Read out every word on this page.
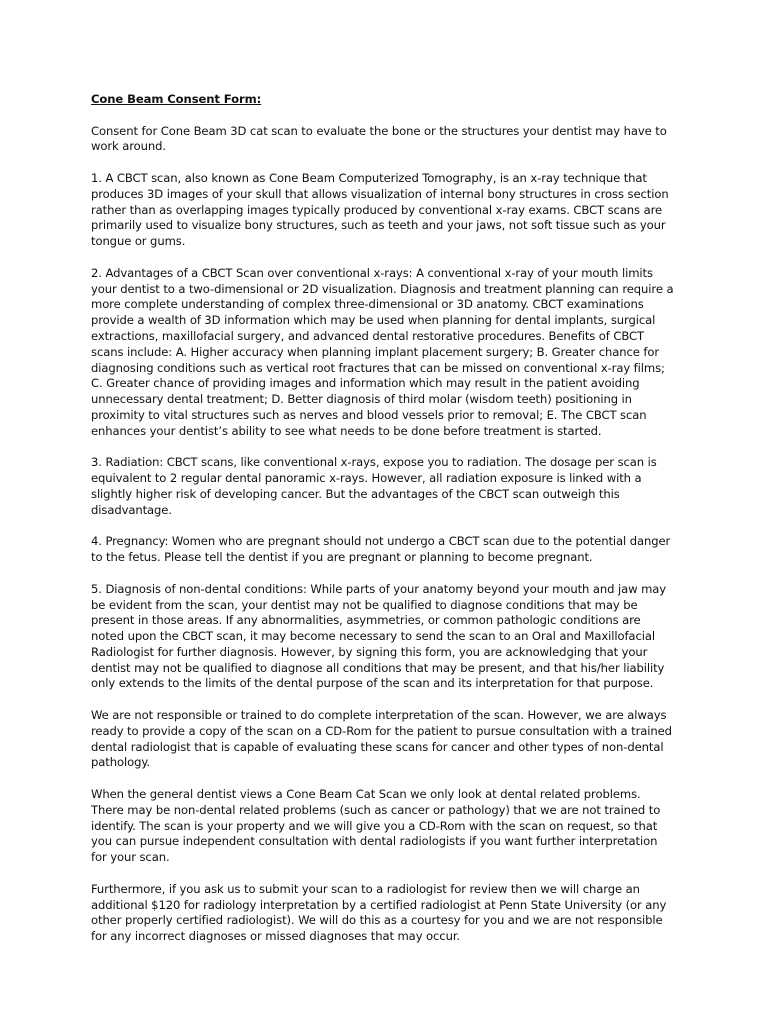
Cone Beam Consent Form:
Consent for Cone Beam 3D cat scan to evaluate the bone or the structures your dentist may have to work around.
1. A CBCT scan, also known as Cone Beam Computerized Tomography, is an x-ray technique that produces 3D images of your skull that allows visualization of internal bony structures in cross section rather than as overlapping images typically produced by conventional x-ray exams. CBCT scans are primarily used to visualize bony structures, such as teeth and your jaws, not soft tissue such as your tongue or gums.
2. Advantages of a CBCT Scan over conventional x-rays: A conventional x-ray of your mouth limits your dentist to a two-dimensional or 2D visualization. Diagnosis and treatment planning can require a more complete understanding of complex three-dimensional or 3D anatomy. CBCT examinations provide a wealth of 3D information which may be used when planning for dental implants, surgical extractions, maxillofacial surgery, and advanced dental restorative procedures. Benefits of CBCT scans include: A. Higher accuracy when planning implant placement surgery; B. Greater chance for diagnosing conditions such as vertical root fractures that can be missed on conventional x-ray films; C. Greater chance of providing images and information which may result in the patient avoiding unnecessary dental treatment; D. Better diagnosis of third molar (wisdom teeth) positioning in proximity to vital structures such as nerves and blood vessels prior to removal; E. The CBCT scan enhances your dentist’s ability to see what needs to be done before treatment is started.
3. Radiation: CBCT scans, like conventional x-rays, expose you to radiation. The dosage per scan is equivalent to 2 regular dental panoramic x-rays. However, all radiation exposure is linked with a slightly higher risk of developing cancer. But the advantages of the CBCT scan outweigh this disadvantage.
4. Pregnancy: Women who are pregnant should not undergo a CBCT scan due to the potential danger to the fetus. Please tell the dentist if you are pregnant or planning to become pregnant.
5. Diagnosis of non-dental conditions: While parts of your anatomy beyond your mouth and jaw may be evident from the scan, your dentist may not be qualified to diagnose conditions that may be present in those areas. If any abnormalities, asymmetries, or common pathologic conditions are noted upon the CBCT scan, it may become necessary to send the scan to an Oral and Maxillofacial Radiologist for further diagnosis. However, by signing this form, you are acknowledging that your dentist may not be qualified to diagnose all conditions that may be present, and that his/her liability only extends to the limits of the dental purpose of the scan and its interpretation for that purpose.
We are not responsible or trained to do complete interpretation of the scan. However, we are always ready to provide a copy of the scan on a CD-Rom for the patient to pursue consultation with a trained dental radiologist that is capable of evaluating these scans for cancer and other types of non-dental pathology.
When the general dentist views a Cone Beam Cat Scan we only look at dental related problems. There may be non-dental related problems (such as cancer or pathology) that we are not trained to identify. The scan is your property and we will give you a CD-Rom with the scan on request, so that you can pursue independent consultation with dental radiologists if you want further interpretation for your scan.
Furthermore, if you ask us to submit your scan to a radiologist for review then we will charge an additional $120 for radiology interpretation by a certified radiologist at Penn State University (or any other properly certified radiologist). We will do this as a courtesy for you and we are not responsible for any incorrect diagnoses or missed diagnoses that may occur.
